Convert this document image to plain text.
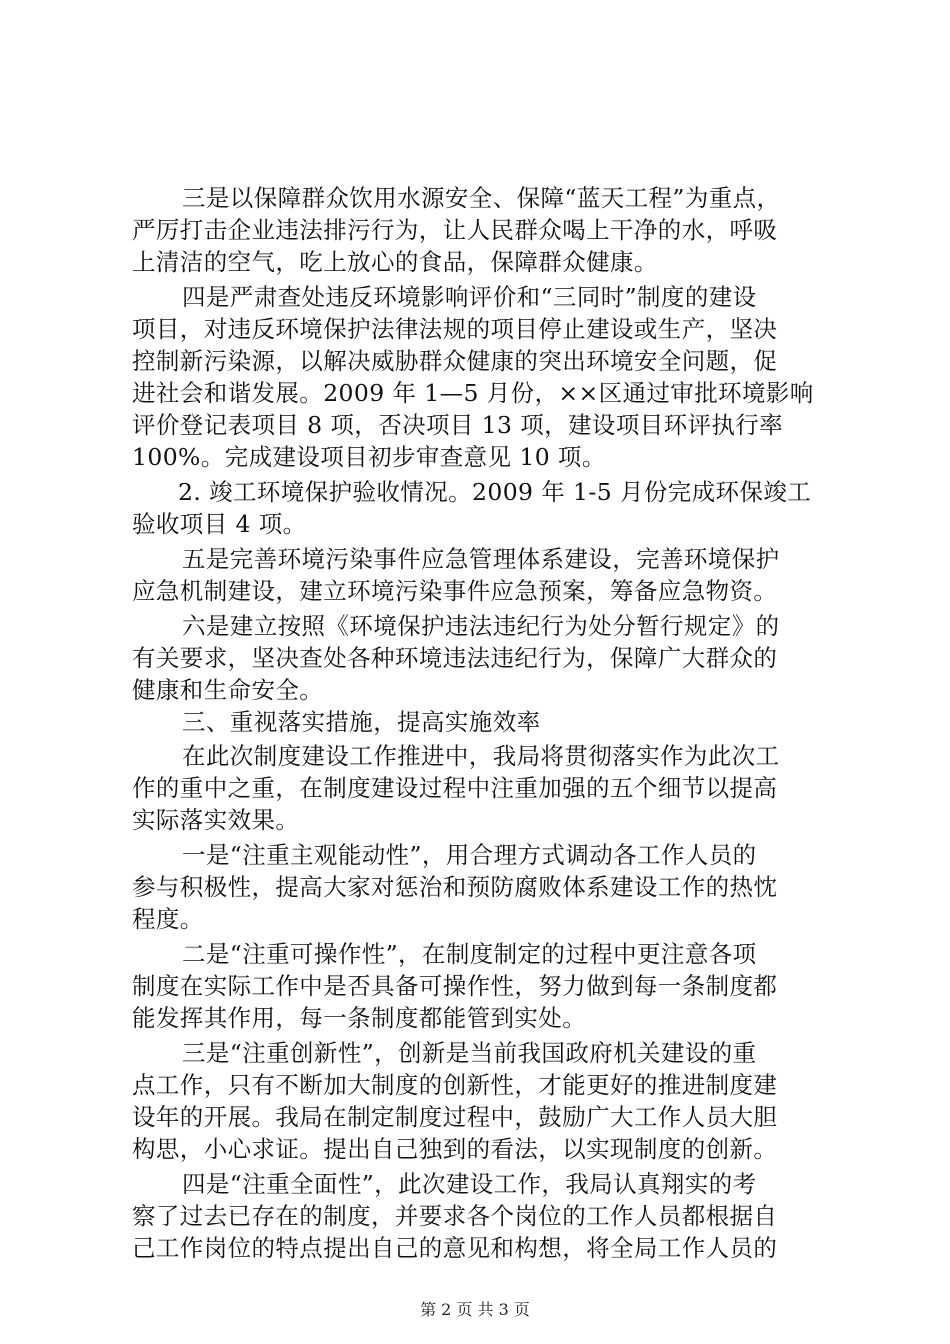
三是以保障群众饮用水源安全、保障“蓝天工程”为重点，
严厉打击企业违法排污行为，让人民群众喝上干净的水，呼吸
上清洁的空气，吃上放心的食品，保障群众健康。
四是严肃查处违反环境影响评价和“三同时”制度的建设
项目，对违反环境保护法律法规的项目停止建设或生产，坚决
控制新污染源，以解决威胁群众健康的突出环境安全问题，促
进社会和谐发展。2009 年 1—5 月份，××区通过审批环境影响
评价登记表项目 8 项，否决项目 13 项，建设项目环评执行率
100%。完成建设项目初步审查意见 10 项。
2. 竣工环境保护验收情况。2009 年 1-5 月份完成环保竣工
验收项目 4 项。
五是完善环境污染事件应急管理体系建设，完善环境保护
应急机制建设，建立环境污染事件应急预案，筹备应急物资。
六是建立按照《环境保护违法违纪行为处分暂行规定》的
有关要求，坚决查处各种环境违法违纪行为，保障广大群众的
健康和生命安全。
三、重视落实措施，提高实施效率
在此次制度建设工作推进中，我局将贯彻落实作为此次工
作的重中之重，在制度建设过程中注重加强的五个细节以提高
实际落实效果。
一是“注重主观能动性”，用合理方式调动各工作人员的
参与积极性，提高大家对惩治和预防腐败体系建设工作的热忱
程度。
二是“注重可操作性”，在制度制定的过程中更注意各项
制度在实际工作中是否具备可操作性，努力做到每一条制度都
能发挥其作用，每一条制度都能管到实处。
三是“注重创新性”，创新是当前我国政府机关建设的重
点工作，只有不断加大制度的创新性，才能更好的推进制度建
设年的开展。我局在制定制度过程中，鼓励广大工作人员大胆
构思，小心求证。提出自己独到的看法，以实现制度的创新。
四是“注重全面性”，此次建设工作，我局认真翔实的考
察了过去已存在的制度，并要求各个岗位的工作人员都根据自
己工作岗位的特点提出自己的意见和构想，将全局工作人员的
第 2 页 共 3 页
